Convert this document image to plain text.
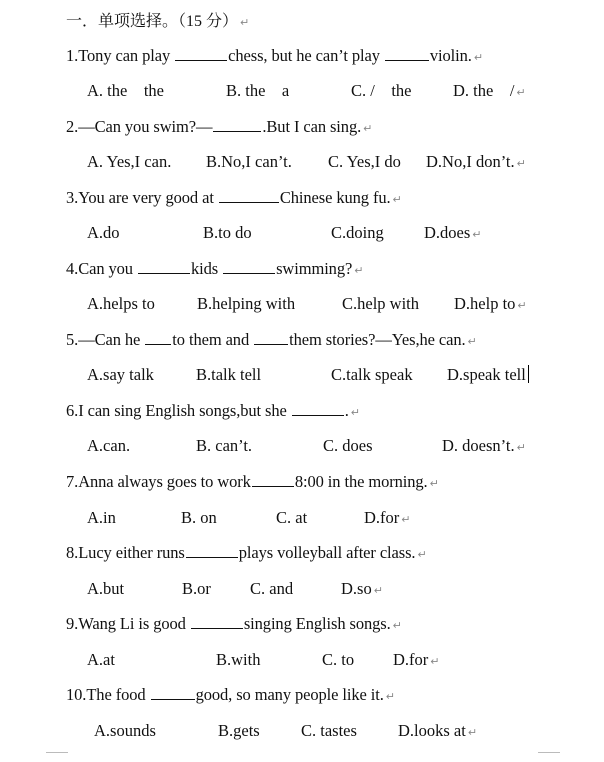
一．单项选择。（15 分） ↵
1.Tony can play	chess, but he can’t play	violin. ↵
A. the    the	B. the    a	C. /    the	D. the    / ↵
2.—Can you swim?—	.But I can sing. ↵
A. Yes,I can. B.No,I can’t. C. Yes,I do D.No,I don’t. ↵
3.You are very good at	Chinese kung fu. ↵
A.do	B.to do	C.doing D.does ↵
4.Can you	kids	swimming? ↵
A.helps to	B.helping with	C.help with D.help to ↵
5.—Can he to them and them stories?—Yes,he can. ↵
A.say talk	B.talk tell	C.talk speak D.speak tell
6.I can sing English songs,but she	. ↵
A.can.	B. can’t.	C. does	D. doesn’t. ↵
7.Anna always goes to work	8:00 in the morning. ↵
A.in	B. on	C. at	D.for ↵
8.Lucy either runs	plays volleyball after class. ↵
A.but	B.or C. and	D.so ↵
9.Wang Li is good	singing English songs. ↵
A.at	B.with	C. to D.for ↵
10.The food	good, so many people like it. ↵
A.sounds	B.gets	C. tastes D.looks at ↵
